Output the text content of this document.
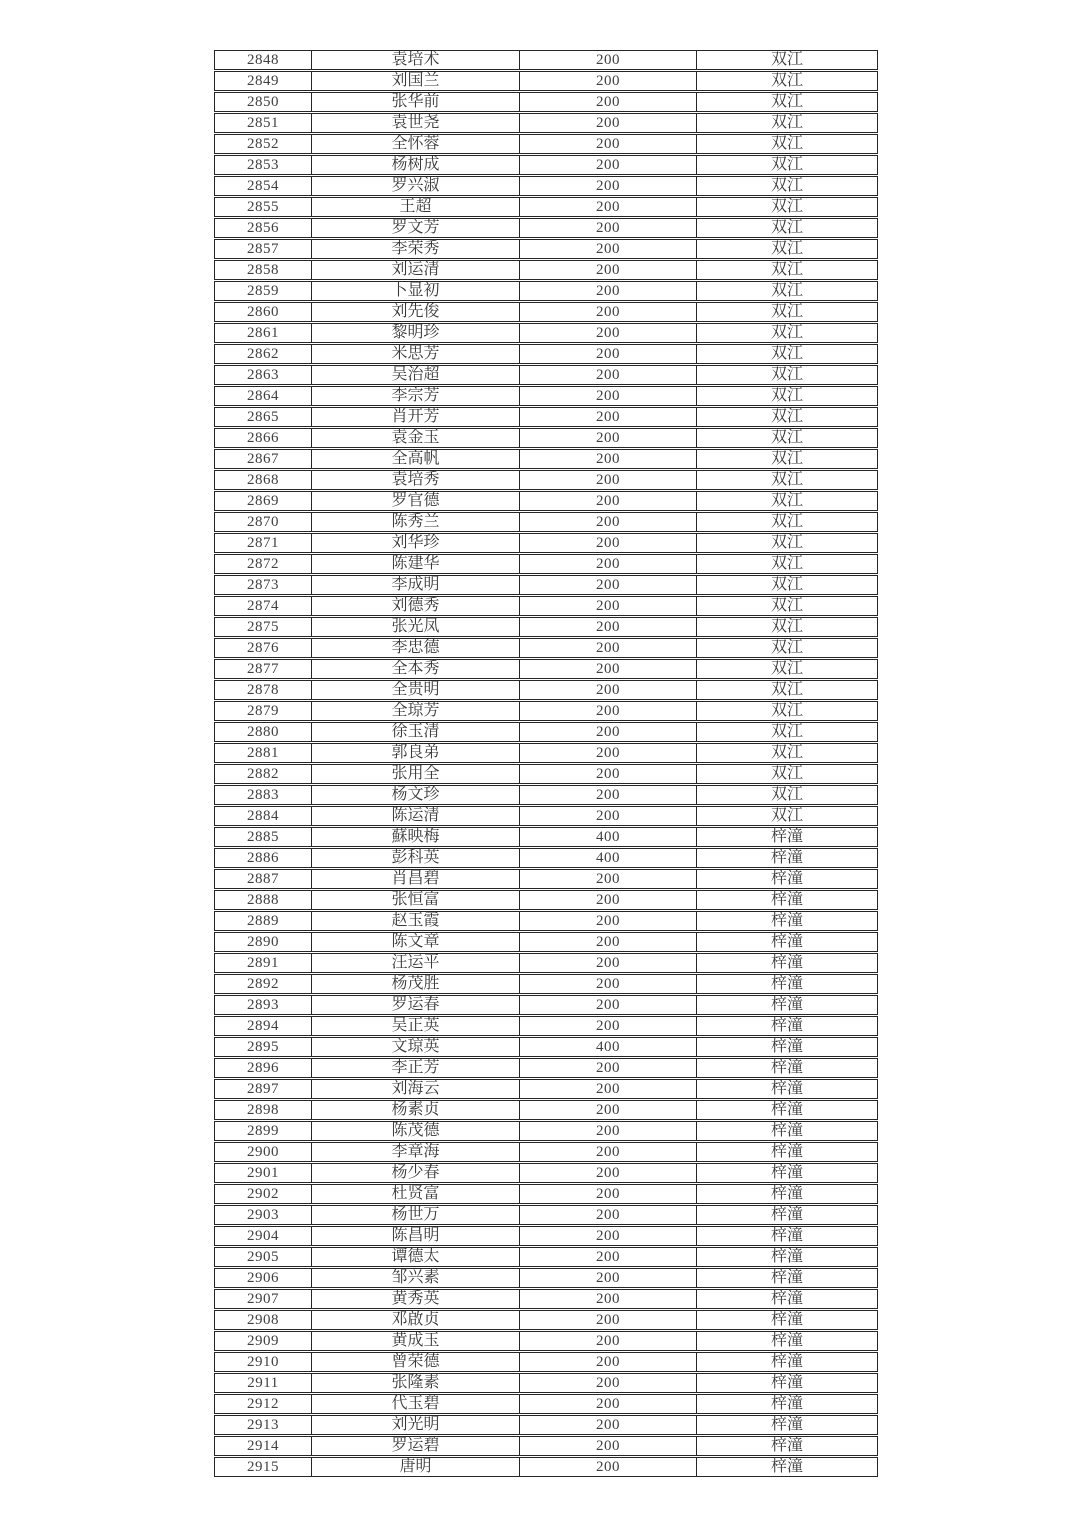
2848	袁培术	200	双江
2849	刘国兰	200	双江
2850	张华前	200	双江
2851	袁世尧	200	双江
2852	全怀蓉	200	双江
2853	杨树成	200	双江
2854	罗兴淑	200	双江
2855	王超	200	双江
2856	罗文芳	200	双江
2857	李荣秀	200	双江
2858	刘运清	200	双江
2859	卜显初	200	双江
2860	刘先俊	200	双江
2861	黎明珍	200	双江
2862	米思芳	200	双江
2863	吴治超	200	双江
2864	李宗芳	200	双江
2865	肖开芳	200	双江
2866	袁金玉	200	双江
2867	全高帆	200	双江
2868	袁培秀	200	双江
2869	罗官德	200	双江
2870	陈秀兰	200	双江
2871	刘华珍	200	双江
2872	陈建华	200	双江
2873	李成明	200	双江
2874	刘德秀	200	双江
2875	张光凤	200	双江
2876	李忠德	200	双江
2877	全本秀	200	双江
2878	全贵明	200	双江
2879	全琼芳	200	双江
2880	徐玉清	200	双江
2881	郭良弟	200	双江
2882	张用全	200	双江
2883	杨文珍	200	双江
2884	陈运清	200	双江
2885	蘇映梅	400	梓潼
2886	彭科英	400	梓潼
2887	肖昌碧	200	梓潼
2888	张恒富	200	梓潼
2889	赵玉霞	200	梓潼
2890	陈文章	200	梓潼
2891	汪运平	200	梓潼
2892	杨茂胜	200	梓潼
2893	罗运春	200	梓潼
2894	吴正英	200	梓潼
2895	文琼英	400	梓潼
2896	李正芳	200	梓潼
2897	刘海云	200	梓潼
2898	杨素贞	200	梓潼
2899	陈茂德	200	梓潼
2900	李章海	200	梓潼
2901	杨少春	200	梓潼
2902	杜贤富	200	梓潼
2903	杨世万	200	梓潼
2904	陈昌明	200	梓潼
2905	谭德太	200	梓潼
2906	邹兴素	200	梓潼
2907	黄秀英	200	梓潼
2908	邓啟贞	200	梓潼
2909	黄成玉	200	梓潼
2910	曾荣德	200	梓潼
2911	张隆素	200	梓潼
2912	代玉碧	200	梓潼
2913	刘光明	200	梓潼
2914	罗运碧	200	梓潼
2915	唐明	200	梓潼
